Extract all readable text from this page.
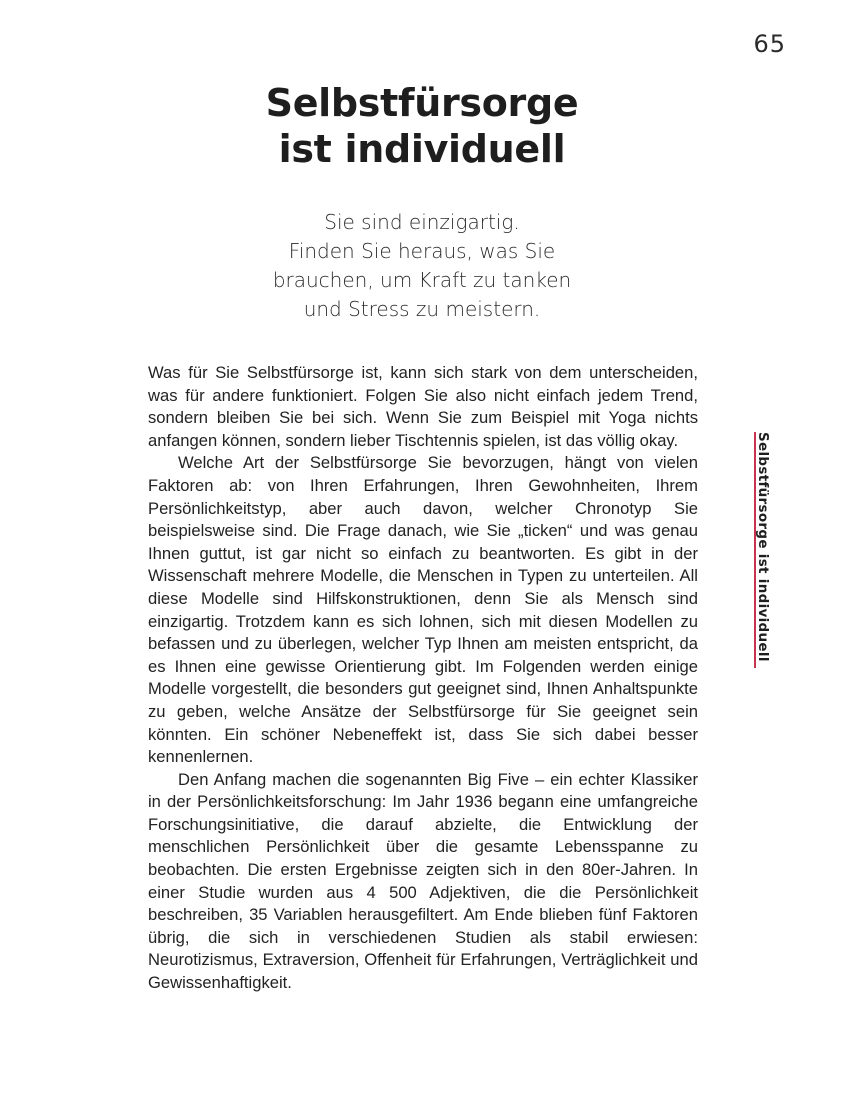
65
Selbstfürsorge
ist individuell
Sie sind einzigartig.
Finden Sie heraus, was Sie
brauchen, um Kraft zu tanken
und Stress zu meistern.

Was für Sie Selbstfürsorge ist, kann sich stark von dem unterscheiden, was für andere funktioniert. Folgen Sie also nicht einfach jedem Trend, sondern bleiben Sie bei sich. Wenn Sie zum Beispiel mit Yoga nichts anfangen können, sondern lieber Tischtennis spielen, ist das völlig okay.

Welche Art der Selbstfürsorge Sie bevorzugen, hängt von vielen Faktoren ab: von Ihren Erfahrungen, Ihren Gewohnheiten, Ihrem Persönlichkeitstyp, aber auch davon, welcher Chronotyp Sie beispielsweise sind. Die Frage danach, wie Sie „ticken“ und was genau Ihnen guttut, ist gar nicht so einfach zu beantworten. Es gibt in der Wissenschaft mehrere Modelle, die Menschen in Typen zu unterteilen. All diese Modelle sind Hilfskonstruktionen, denn Sie als Mensch sind einzigartig. Trotzdem kann es sich lohnen, sich mit diesen Modellen zu befassen und zu überlegen, welcher Typ Ihnen am meisten entspricht, da es Ihnen eine gewisse Orientierung gibt. Im Folgenden werden einige Modelle vorgestellt, die besonders gut geeignet sind, Ihnen Anhaltspunkte zu geben, welche Ansätze der Selbstfürsorge für Sie geeignet sein könnten. Ein schöner Nebeneffekt ist, dass Sie sich dabei besser kennenlernen.

Den Anfang machen die sogenannten Big Five – ein echter Klassiker in der Persönlichkeitsforschung: Im Jahr 1936 begann eine umfangreiche Forschungsinitiative, die darauf abzielte, die Entwicklung der menschlichen Persönlichkeit über die gesamte Lebensspanne zu beobachten. Die ersten Ergebnisse zeigten sich in den 80er-Jahren. In einer Studie wurden aus 4 500 Adjektiven, die die Persönlichkeit beschreiben, 35 Variablen herausgefiltert. Am Ende blieben fünf Faktoren übrig, die sich in verschiedenen Studien als stabil erwiesen: Neurotizismus, Extraversion, Offenheit für Erfahrungen, Verträglichkeit und Gewissenhaftigkeit.

Selbstfürsorge ist individuell
